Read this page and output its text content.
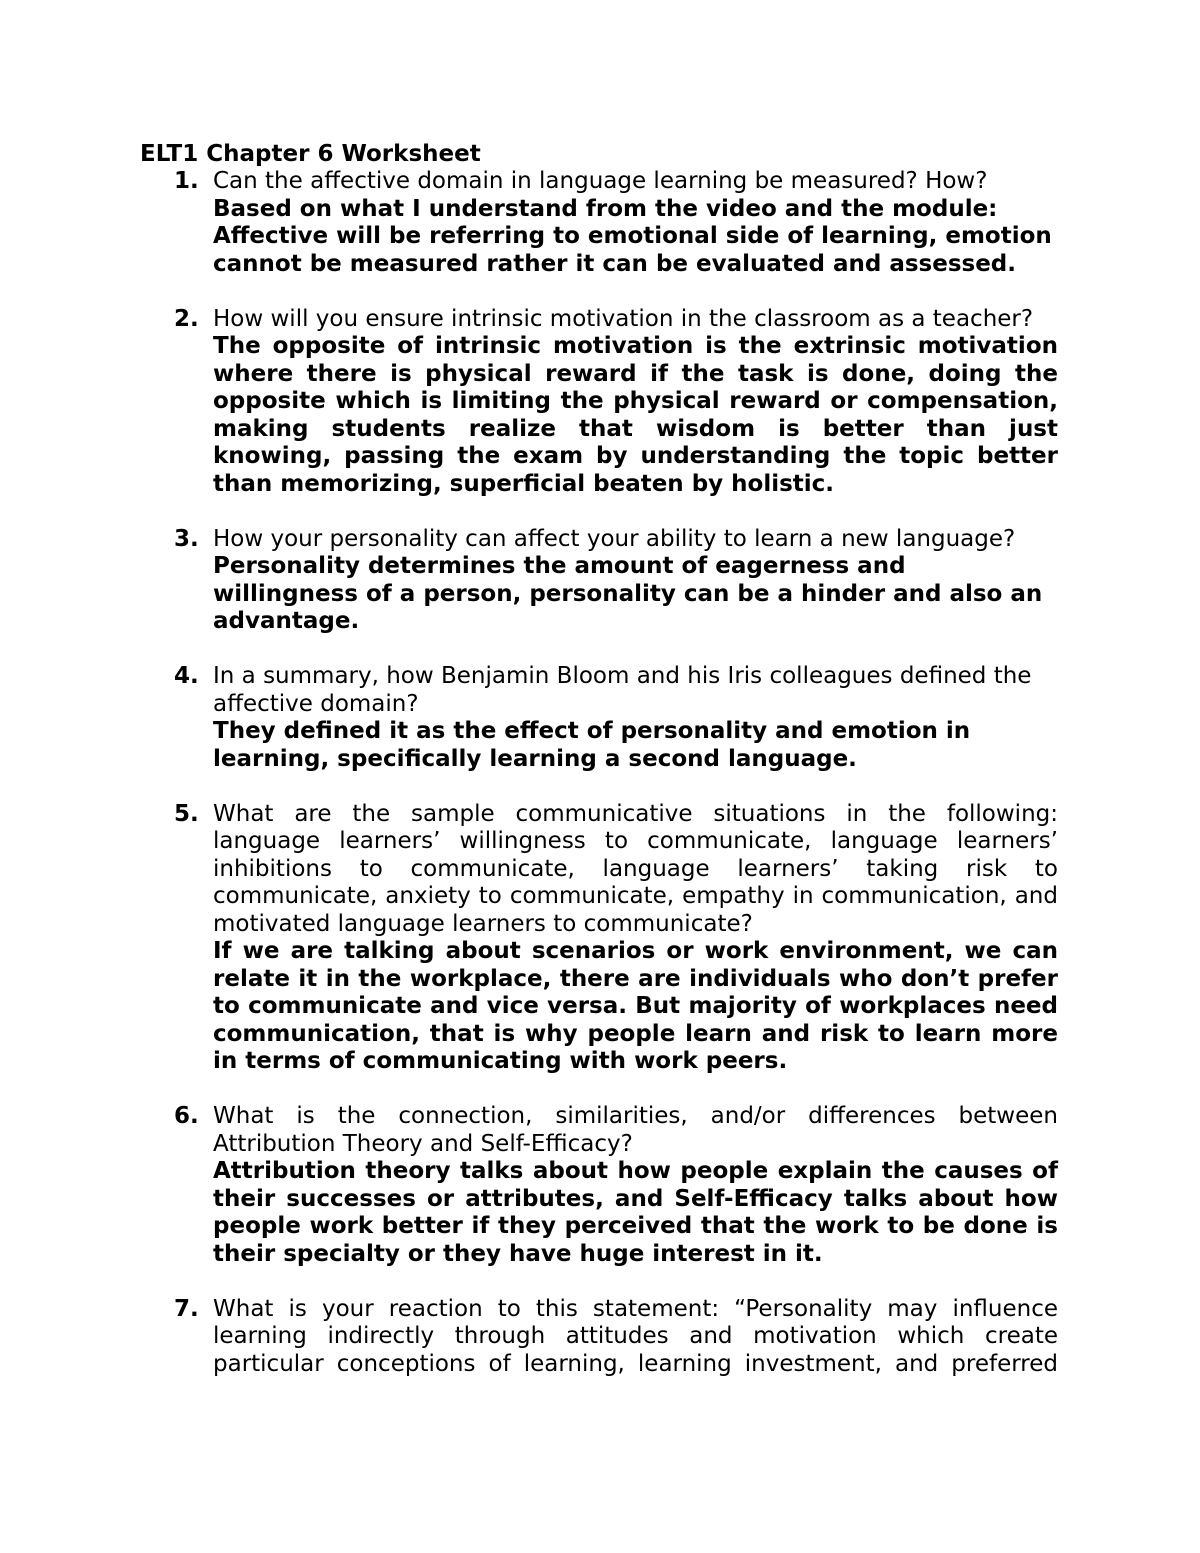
ELT1 Chapter 6 Worksheet
1. Can the affective domain in language learning be measured? How?
Based on what I understand from the video and the module: Affective will be referring to emotional side of learning, emotion cannot be measured rather it can be evaluated and assessed.
2. How will you ensure intrinsic motivation in the classroom as a teacher?
The opposite of intrinsic motivation is the extrinsic motivation where there is physical reward if the task is done, doing the opposite which is limiting the physical reward or compensation, making students realize that wisdom is better than just knowing, passing the exam by understanding the topic better than memorizing, superficial beaten by holistic.
3. How your personality can affect your ability to learn a new language?
Personality determines the amount of eagerness and willingness of a person, personality can be a hinder and also an advantage.
4. In a summary, how Benjamin Bloom and his Iris colleagues defined the affective domain?
They defined it as the effect of personality and emotion in learning, specifically learning a second language.
5. What are the sample communicative situations in the following: language learners’ willingness to communicate, language learners’ inhibitions to communicate, language learners’ taking risk to communicate, anxiety to communicate, empathy in communication, and motivated language learners to communicate?
If we are talking about scenarios or work environment, we can relate it in the workplace, there are individuals who don’t prefer to communicate and vice versa. But majority of workplaces need communication, that is why people learn and risk to learn more in terms of communicating with work peers.
6. What is the connection, similarities, and/or differences between Attribution Theory and Self-Efficacy?
Attribution theory talks about how people explain the causes of their successes or attributes, and Self-Efficacy talks about how people work better if they perceived that the work to be done is their specialty or they have huge interest in it.
7. What is your reaction to this statement: “Personality may influence learning indirectly through attitudes and motivation which create particular conceptions of learning, learning investment, and preferred
